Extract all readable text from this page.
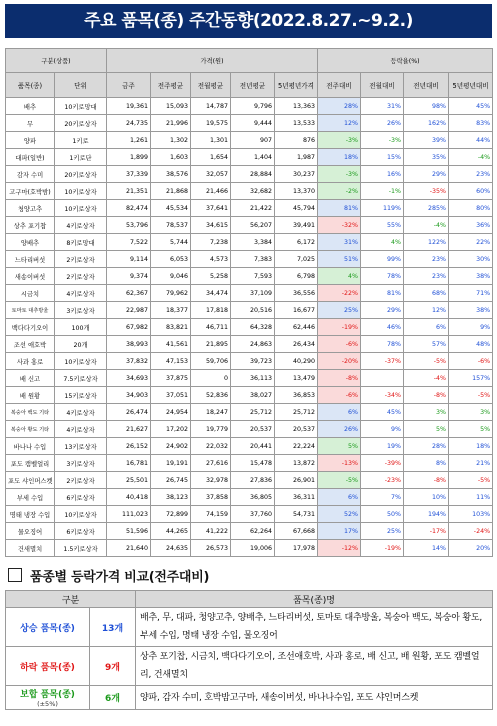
주요 품목(종) 주간동향(2022.8.27.~9.2.)
구분(상품)		가격(원)					등락율(%)			
품목(종)	단위	금주	전주평균	전월평균	전년평균	5년평년가격	전주대비	전월대비	전년대비	5년평년대비
배추	10키로망대	19,361	15,093	14,787	9,796	13,363	28%	31%	98%	45%
무	20키로상자	24,735	21,996	19,575	9,444	13,533	12%	26%	162%	83%
양파	1키로	1,261	1,302	1,301	907	876	-3%	-3%	39%	44%
대파(일반)	1키로단	1,899	1,603	1,654	1,404	1,987	18%	15%	35%	-4%
감자 수미	20키로상자	37,339	38,576	32,057	28,884	30,237	-3%	16%	29%	23%
고구마(호박밤)	10키로상자	21,351	21,868	21,466	32,682	13,370	-2%	-1%	-35%	60%
청양고추	10키로상자	82,474	45,534	37,641	21,422	45,794	81%	119%	285%	80%
상추 포기찹	4키로상자	53,796	78,537	34,615	56,207	39,491	-32%	55%	-4%	36%
양배추	8키로망대	7,522	5,744	7,238	3,384	6,172	31%	4%	122%	22%
느타리버섯	2키로상자	9,114	6,053	4,573	7,383	7,025	51%	99%	23%	30%
새송이버섯	2키로상자	9,374	9,046	5,258	7,593	6,798	4%	78%	23%	38%
시금치	4키로상자	62,367	79,962	34,474	37,109	36,556	-22%	81%	68%	71%
토마토 대추방울	3키로상자	22,987	18,377	17,818	20,516	16,677	25%	29%	12%	38%
백다다기오이	100개	67,982	83,821	46,711	64,328	62,446	-19%	46%	6%	9%
조선 애호박	20개	38,993	41,561	21,895	24,863	26,434	-6%	78%	57%	48%
사과 홍로	10키로상자	37,832	47,153	59,706	39,723	40,290	-20%	-37%	-5%	-6%
배 신고	7.5키로상자	34,693	37,875	0	36,113	13,479	-8%		-4%	157%
배 원황	15키로상자	34,903	37,051	52,836	38,027	36,853	-6%	-34%	-8%	-5%
복숭아 백도 기타	4키로상자	26,474	24,954	18,247	25,712	25,712	6%	45%	3%	3%
복숭아 황도 기타	4키로상자	21,627	17,202	19,779	20,537	20,537	26%	9%	5%	5%
바나나 수입	13키로상자	26,152	24,902	22,032	20,441	22,224	5%	19%	28%	18%
포도 캠벨얼리	3키로상자	16,781	19,191	27,616	15,478	13,872	-13%	-39%	8%	21%
포도 샤인머스켓	2키로상자	25,501	26,745	32,978	27,836	26,901	-5%	-23%	-8%	-5%
부세 수입	6키로상자	40,418	38,123	37,858	36,805	36,311	6%	7%	10%	11%
명태 냉장 수입	10키로상자	111,023	72,899	74,159	37,760	54,731	52%	50%	194%	103%
물오징어	6키로상자	51,596	44,265	41,222	62,264	67,668	17%	25%	-17%	-24%
건새멸치	1.5키로상자	21,640	24,635	26,573	19,006	17,978	-12%	-19%	14%	20%
품종별 등락가격 비교(전주대비)
구분		품목(종)명
상승 품목(종)	13개	배추, 무, 대파, 청양고추, 양배추, 느타리버섯, 토마토 대추방울, 복숭아 백도, 복숭아 황도, 부세 수입, 명태 냉장 수입, 물오징어
하락 품목(종)	9개	상추 포기찹, 시금치, 백다다기오이, 조선애호박, 사과 홍로, 배 신고, 배 원황, 포도 캠벨얼리, 건새멸치
보합 품목(종)
(±5%)	6개	양파, 감자 수미, 호박밤고구마, 새송이버섯, 바나나수입, 포도 샤인머스켓
